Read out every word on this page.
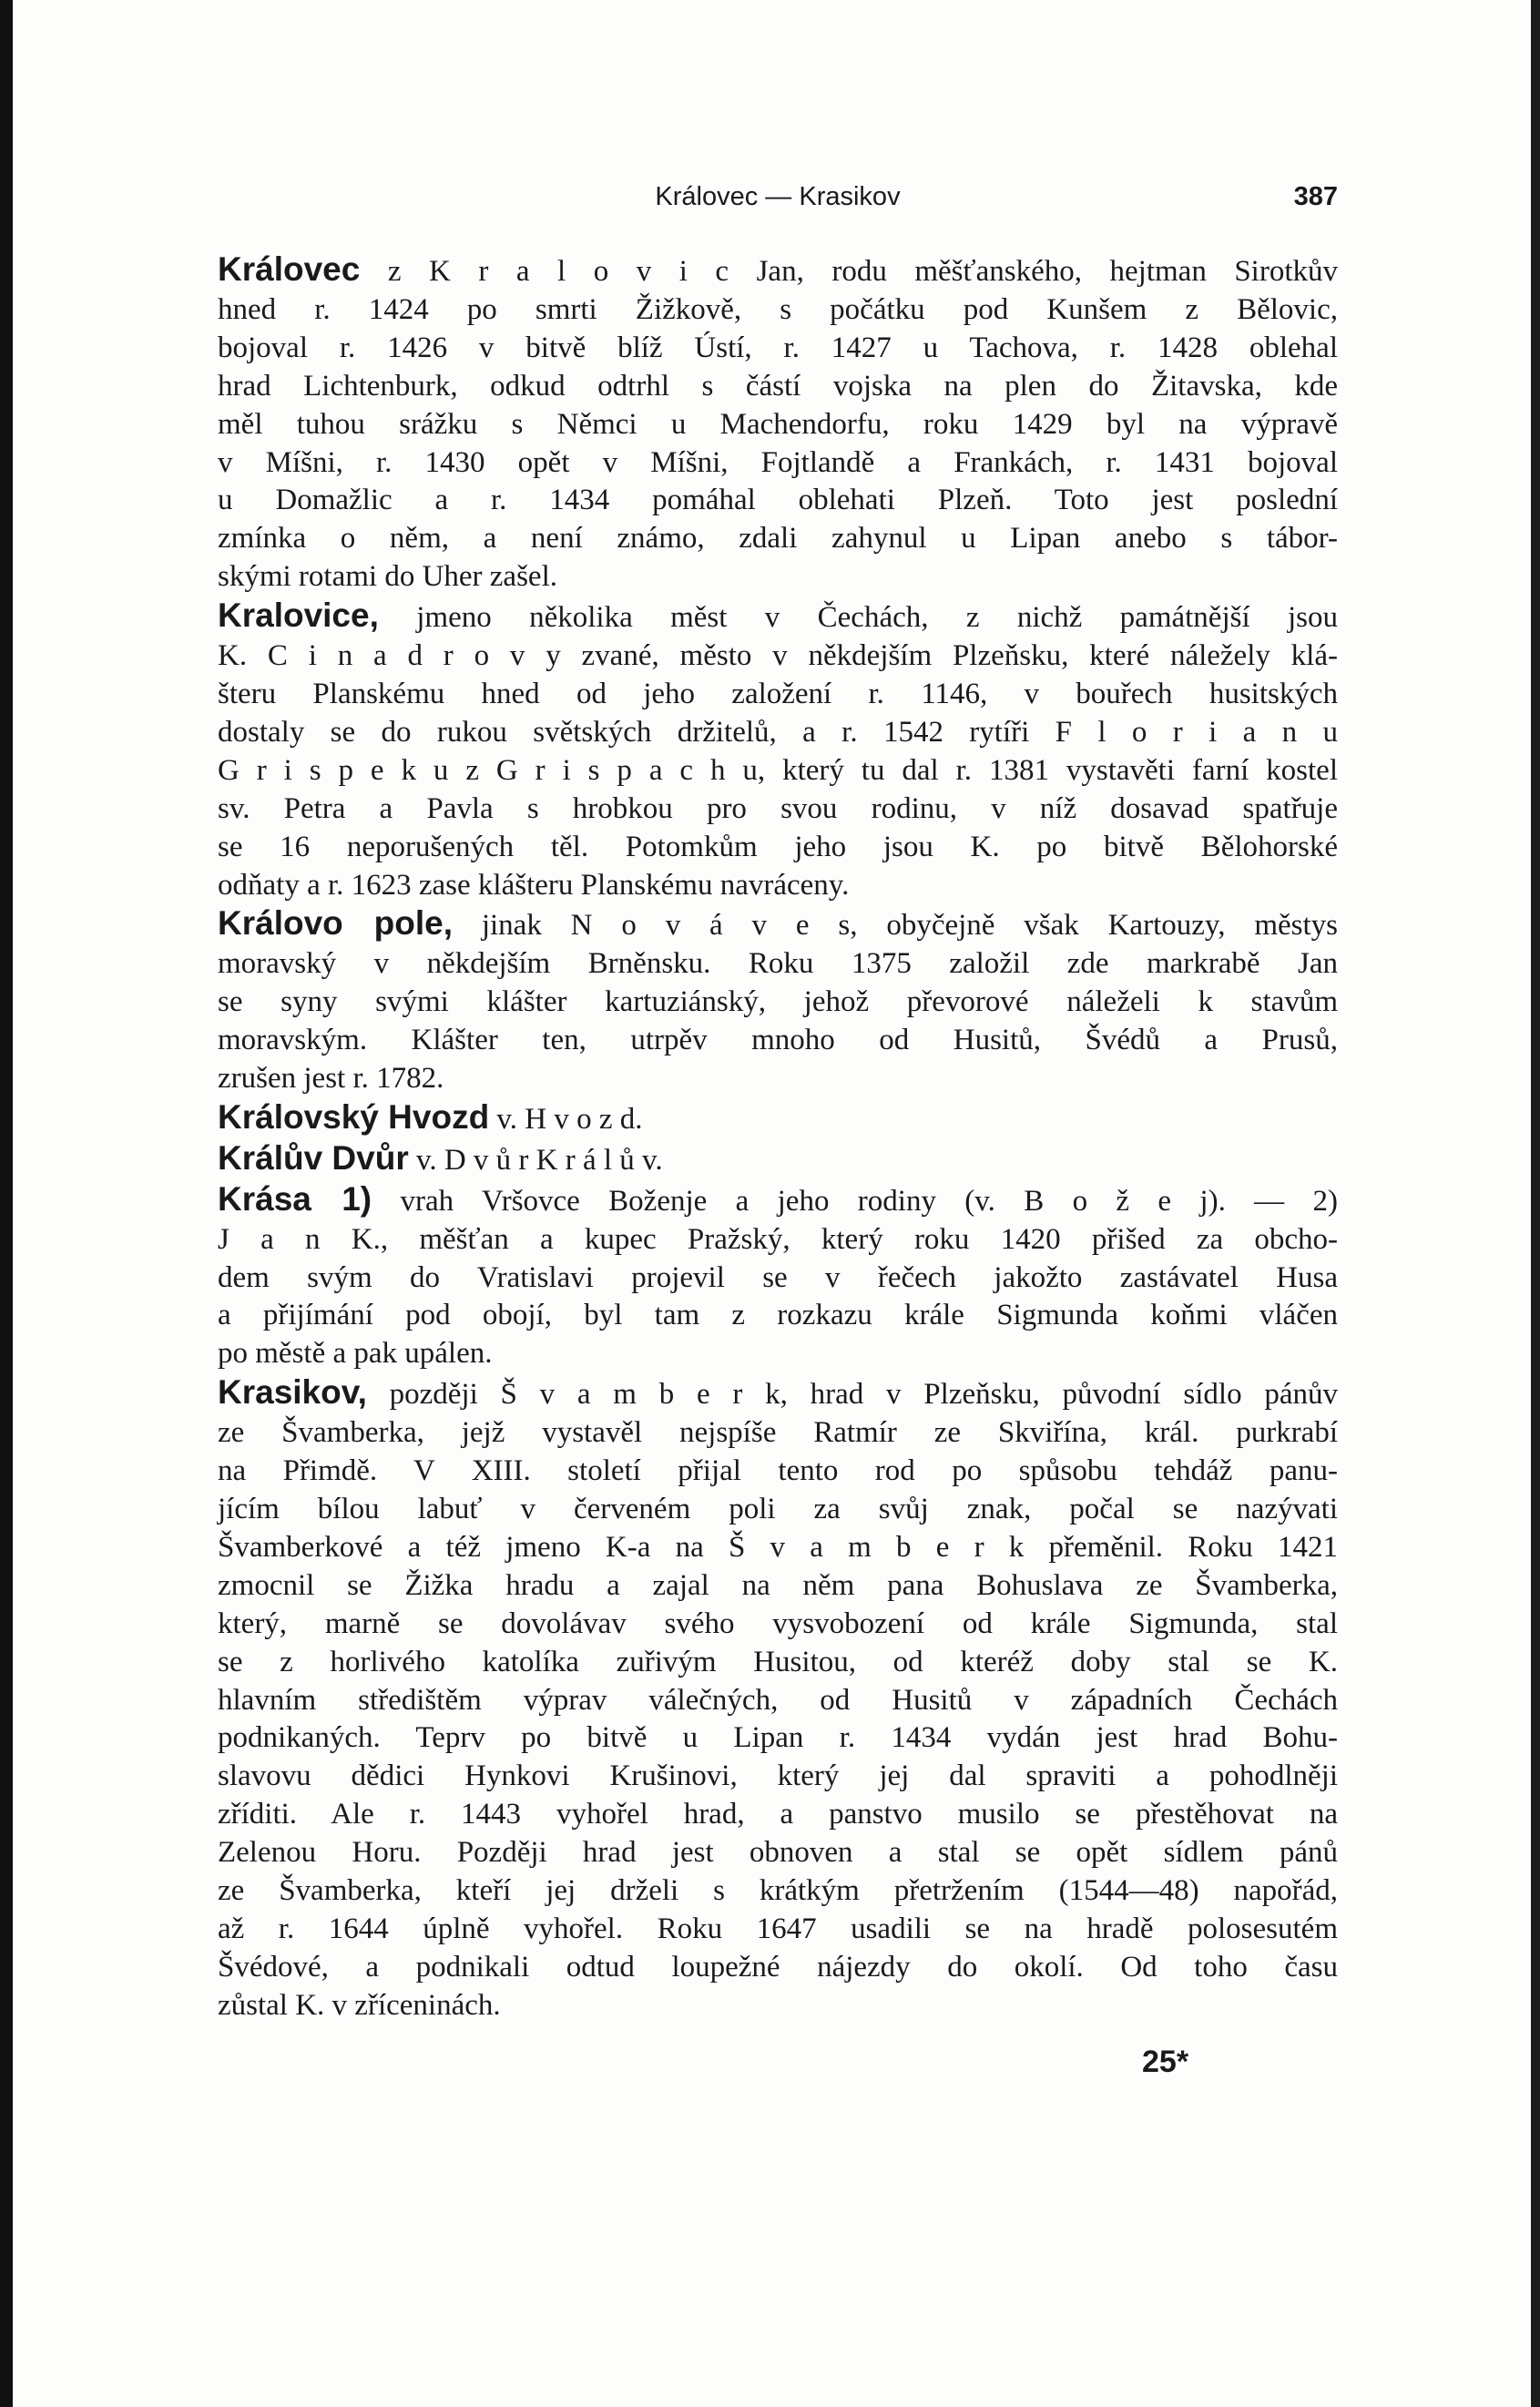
Královec — Krasikov	387

Královec z K r a l o v i c Jan, rodu měšťanského, hejtman Sirotkův
hned r. 1424 po smrti Žižkově, s počátku pod Kunšem z Bělovic,
bojoval r. 1426 v bitvě blíž Ústí, r. 1427 u Tachova, r. 1428 oblehal
hrad Lichtenburk, odkud odtrhl s částí vojska na plen do Žitavska, kde
měl tuhou srážku s Němci u Machendorfu, roku 1429 byl na výpravě
v Míšni, r. 1430 opět v Míšni, Fojtlandě a Frankách, r. 1431 bojoval
u Domažlic a r. 1434 pomáhal oblehati Plzeň. Toto jest poslední
zmínka o něm, a není známo, zdali zahynul u Lipan anebo s tábor-
skými rotami do Uher zašel.

Kralovice, jmeno několika měst v Čechách, z nichž památnější jsou
K. C i n a d r o v y zvané, město v někdejším Plzeňsku, které náležely klá-
šteru Planskému hned od jeho založení r. 1146, v bouřech husitských
dostaly se do rukou světských držitelů, a r. 1542 rytíři F l o r i a n u
G r i s p e k u z G r i s p a c h u, který tu dal r. 1381 vystavěti farní kostel
sv. Petra a Pavla s hrobkou pro svou rodinu, v níž dosavad spatřuje
se 16 neporušených těl. Potomkům jeho jsou K. po bitvě Bělohorské
odňaty a r. 1623 zase klášteru Planskému navráceny.

Královo pole, jinak N o v á v e s, obyčejně však Kartouzy, městys
moravský v někdejším Brněnsku. Roku 1375 založil zde markrabě Jan
se syny svými klášter kartuziánský, jehož převorové náleželi k stavům
moravským. Klášter ten, utrpěv mnoho od Husitů, Švédů a Prusů,
zrušen jest r. 1782.

Královský Hvozd v. H v o z d.

Králův Dvůr v. D v ů r K r á l ů v.

Krása 1) vrah Vršovce Boženje a jeho rodiny (v. B o ž e j). — 2)
J a n K., měšťan a kupec Pražský, který roku 1420 přišed za obcho-
dem svým do Vratislavi projevil se v řečech jakožto zastávatel Husa
a přijímání pod obojí, byl tam z rozkazu krále Sigmunda koňmi vláčen
po městě a pak upálen.

Krasikov, později Š v a m b e r k, hrad v Plzeňsku, původní sídlo pánův
ze Švamberka, jejž vystavěl nejspíše Ratmír ze Skviřína, král. purkrabí
na Přimdě. V XIII. století přijal tento rod po spůsobu tehdáž panu-
jícím bílou labuť v červeném poli za svůj znak, počal se nazývati
Švamberkové a též jmeno K-a na Š v a m b e r k přeměnil. Roku 1421
zmocnil se Žižka hradu a zajal na něm pana Bohuslava ze Švamberka,
který, marně se dovolávav svého vysvobození od krále Sigmunda, stal
se z horlivého katolíka zuřivým Husitou, od kteréž doby stal se K.
hlavním středištěm výprav válečných, od Husitů v západních Čechách
podnikaných. Teprv po bitvě u Lipan r. 1434 vydán jest hrad Bohu-
slavovu dědici Hynkovi Krušinovi, který jej dal spraviti a pohodlněji
zříditi. Ale r. 1443 vyhořel hrad, a panstvo musilo se přestěhovat na
Zelenou Horu. Později hrad jest obnoven a stal se opět sídlem pánů
ze Švamberka, kteří jej drželi s krátkým přetržením (1544—48) napořád,
až r. 1644 úplně vyhořel. Roku 1647 usadili se na hradě polosesutém
Švédové, a podnikali odtud loupežné nájezdy do okolí. Od toho času
zůstal K. v zříceninách.

25*
